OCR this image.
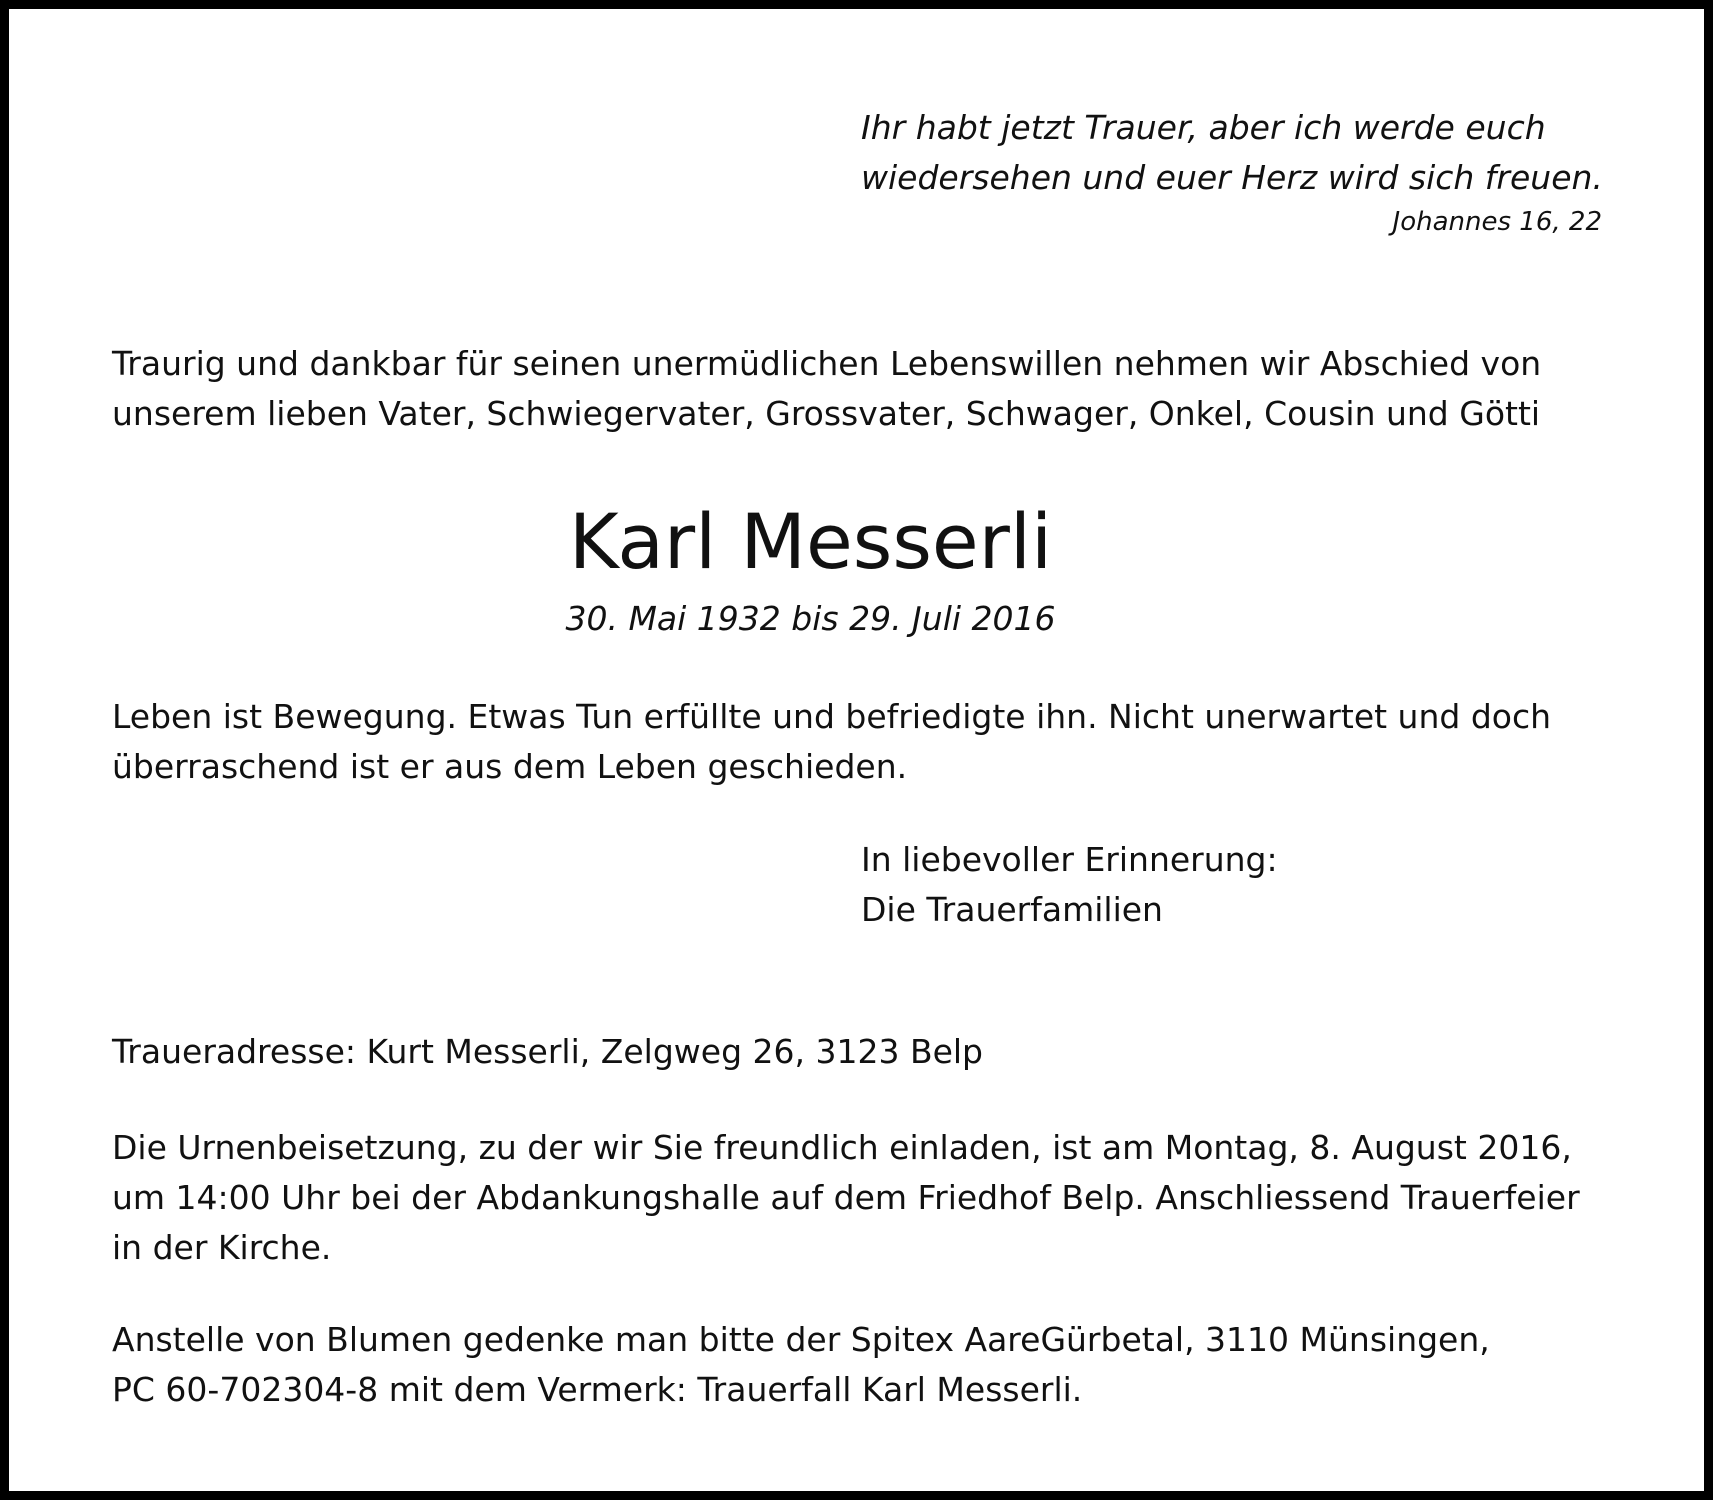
Ihr habt jetzt Trauer, aber ich werde euch
wiedersehen und euer Herz wird sich freuen.
Johannes 16, 22
Traurig und dankbar für seinen unermüdlichen Lebenswillen nehmen wir Abschied von
unserem lieben Vater, Schwiegervater, Grossvater, Schwager, Onkel, Cousin und Götti
Karl Messerli
30. Mai 1932 bis 29. Juli 2016
Leben ist Bewegung. Etwas Tun erfüllte und befriedigte ihn. Nicht unerwartet und doch
überraschend ist er aus dem Leben geschieden.
In liebevoller Erinnerung:
Die Trauerfamilien
Traueradresse: Kurt Messerli, Zelgweg 26, 3123 Belp
Die Urnenbeisetzung, zu der wir Sie freundlich einladen, ist am Montag, 8. August 2016,
um 14:00 Uhr bei der Abdankungshalle auf dem Friedhof Belp. Anschliessend Trauerfeier
in der Kirche.
Anstelle von Blumen gedenke man bitte der Spitex AareGürbetal, 3110 Münsingen,
PC 60-702304-8 mit dem Vermerk: Trauerfall Karl Messerli.
